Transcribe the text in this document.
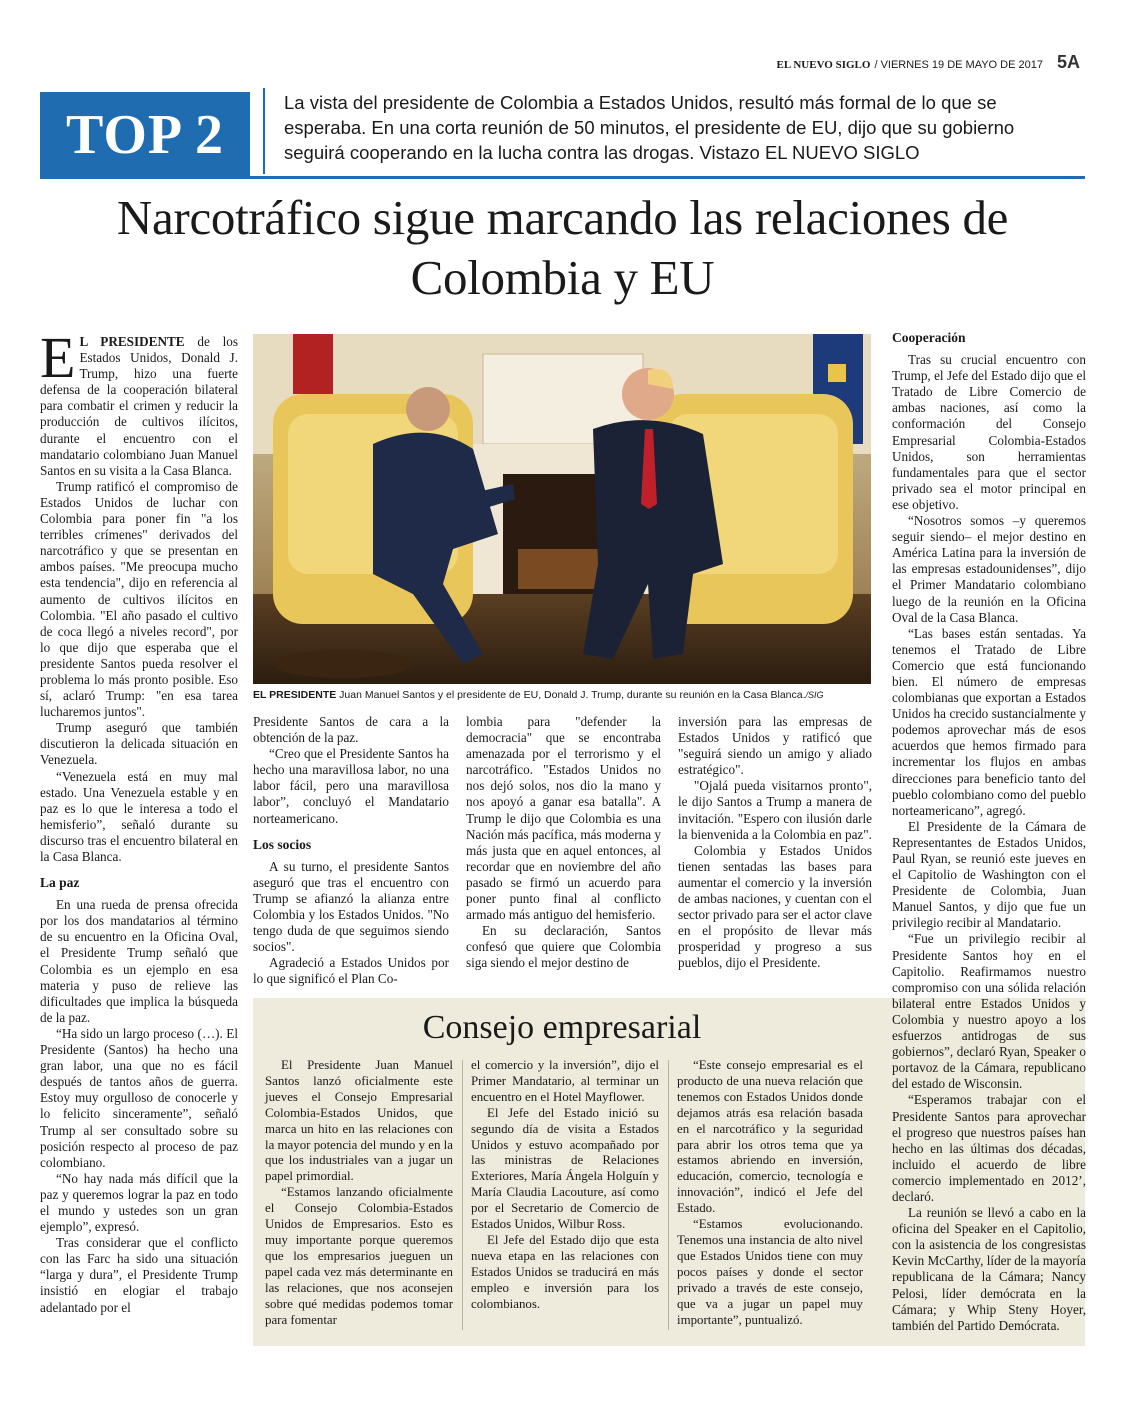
EL NUEVO SIGLO / VIERNES 19 DE MAYO DE 2017 5A
TOP 2
La vista del presidente de Colombia a Estados Unidos, resultó más formal de lo que se esperaba. En una corta reunión de 50 minutos, el presidente de EU, dijo que su gobierno seguirá cooperando en la lucha contra las drogas. Vistazo EL NUEVO SIGLO
Narcotráfico sigue marcando las relaciones de Colombia y EU
EL PRESIDENTE Juan Manuel Santos y el presidente de EU, Donald J. Trump, durante su reunión en la Casa Blanca./SIG

E L PRESIDENTE de los Estados Unidos, Donald J. Trump, hizo una fuerte defensa de la cooperación bilateral para combatir el crimen y reducir la producción de cultivos ilícitos, durante el encuentro con el mandatario colombiano Juan Manuel Santos en su visita a la Casa Blanca.

Trump ratificó el compromiso de Estados Unidos de luchar con Colombia para poner fin "a los terribles crímenes" derivados del narcotráfico y que se presentan en ambos países. "Me preocupa mucho esta tendencia", dijo en referencia al aumento de cultivos ilícitos en Colombia. "El año pasado el cultivo de coca llegó a niveles record", por lo que dijo que esperaba que el presidente Santos pueda resolver el problema lo más pronto posible. Eso sí, aclaró Trump: "en esa tarea lucharemos juntos".

Trump aseguró que también discutieron la delicada situación en Venezuela.

“Venezuela está en muy mal estado. Una Venezuela estable y en paz es lo que le interesa a todo el hemisferio”, señaló durante su discurso tras el encuentro bilateral en la Casa Blanca.

La paz

En una rueda de prensa ofrecida por los dos mandatarios al término de su encuentro en la Oficina Oval, el Presidente Trump señaló que Colombia es un ejemplo en esa materia y puso de relieve las dificultades que implica la búsqueda de la paz.

“Ha sido un largo proceso (…). El Presidente (Santos) ha hecho una gran labor, una que no es fácil después de tantos años de guerra. Estoy muy orgulloso de conocerle y lo felicito sinceramente”, señaló Trump al ser consultado sobre su posición respecto al proceso de paz colombiano.

“No hay nada más difícil que la paz y queremos lograr la paz en todo el mundo y ustedes son un gran ejemplo”, expresó.

Tras considerar que el conflicto con las Farc ha sido una situación “larga y dura”, el Presidente Trump insistió en elogiar el trabajo adelantado por el

Presidente Santos de cara a la obtención de la paz.

“Creo que el Presidente Santos ha hecho una maravillosa labor, no una labor fácil, pero una maravillosa labor”, concluyó el Mandatario norteamericano.

Los socios

A su turno, el presidente Santos aseguró que tras el encuentro con Trump se afianzó la alianza entre Colombia y los Estados Unidos. "No tengo duda de que seguimos siendo socios".

Agradeció a Estados Unidos por lo que significó el Plan Co-

lombia para "defender la democracia" que se encontraba amenazada por el terrorismo y el narcotráfico. "Estados Unidos no nos dejó solos, nos dio la mano y nos apoyó a ganar esa batalla". A Trump le dijo que Colombia es una Nación más pacífica, más moderna y más justa que en aquel entonces, al recordar que en noviembre del año pasado se firmó un acuerdo para poner punto final al conflicto armado más antiguo del hemisferio.

En su declaración, Santos confesó que quiere que Colombia siga siendo el mejor destino de

inversión para las empresas de Estados Unidos y ratificó que "seguirá siendo un amigo y aliado estratégico".

"Ojalá pueda visitarnos pronto", le dijo Santos a Trump a manera de invitación. "Espero con ilusión darle la bienvenida a la Colombia en paz".

Colombia y Estados Unidos tienen sentadas las bases para aumentar el comercio y la inversión de ambas naciones, y cuentan con el sector privado para ser el actor clave en el propósito de llevar más prosperidad y progreso a sus pueblos, dijo el Presidente.

Cooperación

Tras su crucial encuentro con Trump, el Jefe del Estado dijo que el Tratado de Libre Comercio de ambas naciones, así como la conformación del Consejo Empresarial Colombia-Estados Unidos, son herramientas fundamentales para que el sector privado sea el motor principal en ese objetivo.

“Nosotros somos –y queremos seguir siendo– el mejor destino en América Latina para la inversión de las empresas estadounidenses”, dijo el Primer Mandatario colombiano luego de la reunión en la Oficina Oval de la Casa Blanca.

“Las bases están sentadas. Ya tenemos el Tratado de Libre Comercio que está funcionando bien. El número de empresas colombianas que exportan a Estados Unidos ha crecido sustancialmente y podemos aprovechar más de esos acuerdos que hemos firmado para incrementar los flujos en ambas direcciones para beneficio tanto del pueblo colombiano como del pueblo norteamericano”, agregó.

El Presidente de la Cámara de Representantes de Estados Unidos, Paul Ryan, se reunió este jueves en el Capitolio de Washington con el Presidente de Colombia, Juan Manuel Santos, y dijo que fue un privilegio recibir al Mandatario.

“Fue un privilegio recibir al Presidente Santos hoy en el Capitolio. Reafirmamos nuestro compromiso con una sólida relación bilateral entre Estados Unidos y Colombia y nuestro apoyo a los esfuerzos antidrogas de sus gobiernos”, declaró Ryan, Speaker o portavoz de la Cámara, republicano del estado de Wisconsin.

“Esperamos trabajar con el Presidente Santos para aprovechar el progreso que nuestros países han hecho en las últimas dos décadas, incluido el acuerdo de libre comercio implementado en 2012’, declaró.

La reunión se llevó a cabo en la oficina del Speaker en el Capitolio, con la asistencia de los congresistas Kevin McCarthy, líder de la mayoría republicana de la Cámara; Nancy Pelosi, líder demócrata en la Cámara; y Whip Steny Hoyer, también del Partido Demócrata.

Consejo empresarial

El Presidente Juan Manuel Santos lanzó oficialmente este jueves el Consejo Empresarial Colombia-Estados Unidos, que marca un hito en las relaciones con la mayor potencia del mundo y en la que los industriales van a jugar un papel primordial.

“Estamos lanzando oficialmente el Consejo Colombia-Estados Unidos de Empresarios. Esto es muy importante porque queremos que los empresarios jueguen un papel cada vez más determinante en las relaciones, que nos aconsejen sobre qué medidas podemos tomar para fomentar

el comercio y la inversión”, dijo el Primer Mandatario, al terminar un encuentro en el Hotel Mayflower.

El Jefe del Estado inició su segundo día de visita a Estados Unidos y estuvo acompañado por las ministras de Relaciones Exteriores, María Ángela Holguín y María Claudia Lacouture, así como por el Secretario de Comercio de Estados Unidos, Wilbur Ross.

El Jefe del Estado dijo que esta nueva etapa en las relaciones con Estados Unidos se traducirá en más empleo e inversión para los colombianos.

“Este consejo empresarial es el producto de una nueva relación que tenemos con Estados Unidos donde dejamos atrás esa relación basada en el narcotráfico y la seguridad para abrir los otros tema que ya estamos abriendo en inversión, educación, comercio, tecnología e innovación”, indicó el Jefe del Estado.

“Estamos evolucionando. Tenemos una instancia de alto nivel que Estados Unidos tiene con muy pocos países y donde el sector privado a través de este consejo, que va a jugar un papel muy importante”, puntualizó.
